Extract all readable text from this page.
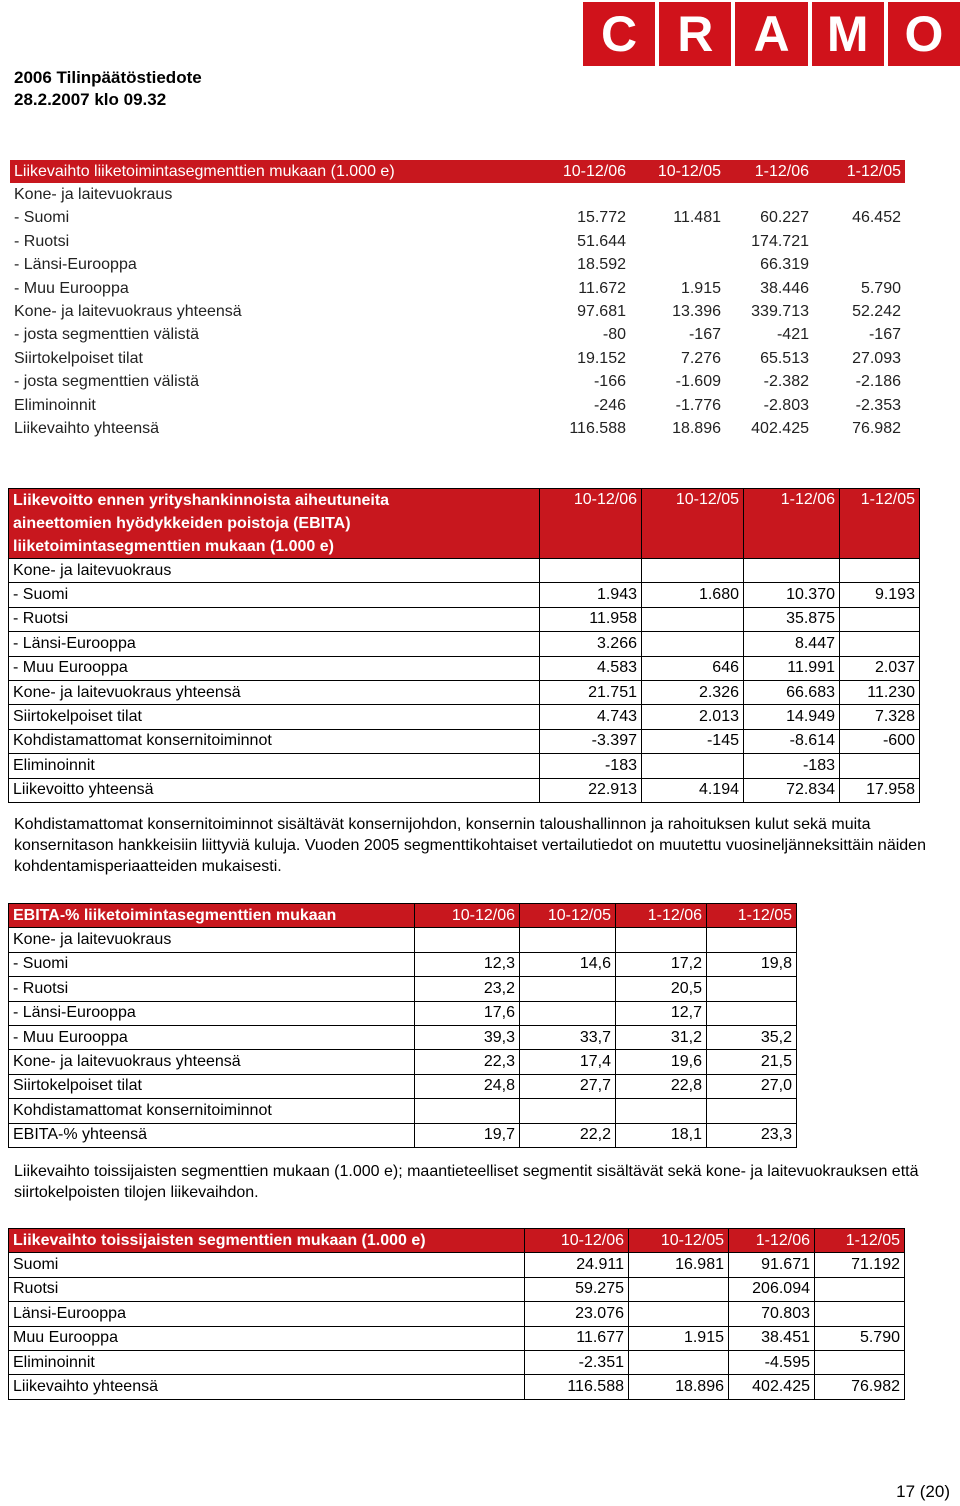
2006 Tilinpäätöstiedote
28.2.2007 klo 09.32
C R A M O
Liikevaihto liiketoimintasegmenttien mukaan (1.000 e)	10-12/06	10-12/05	1-12/06	1-12/05
Kone- ja laitevuokraus				
- Suomi	15.772	11.481	60.227	46.452
- Ruotsi	51.644		174.721	
- Länsi-Eurooppa	18.592		66.319	
- Muu Eurooppa	11.672	1.915	38.446	5.790
Kone- ja laitevuokraus yhteensä	97.681	13.396	339.713	52.242
- josta segmenttien välistä	-80	-167	-421	-167
Siirtokelpoiset tilat	19.152	7.276	65.513	27.093
- josta segmenttien välistä	-166	-1.609	-2.382	-2.186
Eliminoinnit	-246	-1.776	-2.803	-2.353
Liikevaihto yhteensä	116.588	18.896	402.425	76.982
Liikevoitto ennen yrityshankinnoista aiheutuneita aineettomien hyödykkeiden poistoja (EBITA) liiketoimintasegmenttien mukaan (1.000 e)	10-12/06	10-12/05	1-12/06	1-12/05
Kone- ja laitevuokraus				
- Suomi	1.943	1.680	10.370	9.193
- Ruotsi	11.958		35.875	
- Länsi-Eurooppa	3.266		8.447	
- Muu Eurooppa	4.583	646	11.991	2.037
Kone- ja laitevuokraus yhteensä	21.751	2.326	66.683	11.230
Siirtokelpoiset tilat	4.743	2.013	14.949	7.328
Kohdistamattomat konsernitoiminnot	-3.397	-145	-8.614	-600
Eliminoinnit	-183		-183	
Liikevoitto yhteensä	22.913	4.194	72.834	17.958
Kohdistamattomat konsernitoiminnot sisältävät konsernijohdon, konsernin taloushallinnon ja rahoituksen kulut sekä muita konsernitason hankkeisiin liittyviä kuluja. Vuoden 2005 segmenttikohtaiset vertailutiedot on muutettu vuosineljänneksittäin näiden kohdentamisperiaatteiden mukaisesti.
EBITA-% liiketoimintasegmenttien mukaan	10-12/06	10-12/05	1-12/06	1-12/05
Kone- ja laitevuokraus				
- Suomi	12,3	14,6	17,2	19,8
- Ruotsi	23,2		20,5	
- Länsi-Eurooppa	17,6		12,7	
- Muu Eurooppa	39,3	33,7	31,2	35,2
Kone- ja laitevuokraus yhteensä	22,3	17,4	19,6	21,5
Siirtokelpoiset tilat	24,8	27,7	22,8	27,0
Kohdistamattomat konsernitoiminnot				
EBITA-% yhteensä	19,7	22,2	18,1	23,3
Liikevaihto toissijaisten segmenttien mukaan (1.000 e); maantieteelliset segmentit sisältävät sekä kone- ja laitevuokrauksen että siirtokelpoisten tilojen liikevaihdon.
Liikevaihto toissijaisten segmenttien mukaan (1.000 e)	10-12/06	10-12/05	1-12/06	1-12/05
Suomi	24.911	16.981	91.671	71.192
Ruotsi	59.275		206.094	
Länsi-Eurooppa	23.076		70.803	
Muu Eurooppa	11.677	1.915	38.451	5.790
Eliminoinnit	-2.351		-4.595	
Liikevaihto yhteensä	116.588	18.896	402.425	76.982
17 (20)
